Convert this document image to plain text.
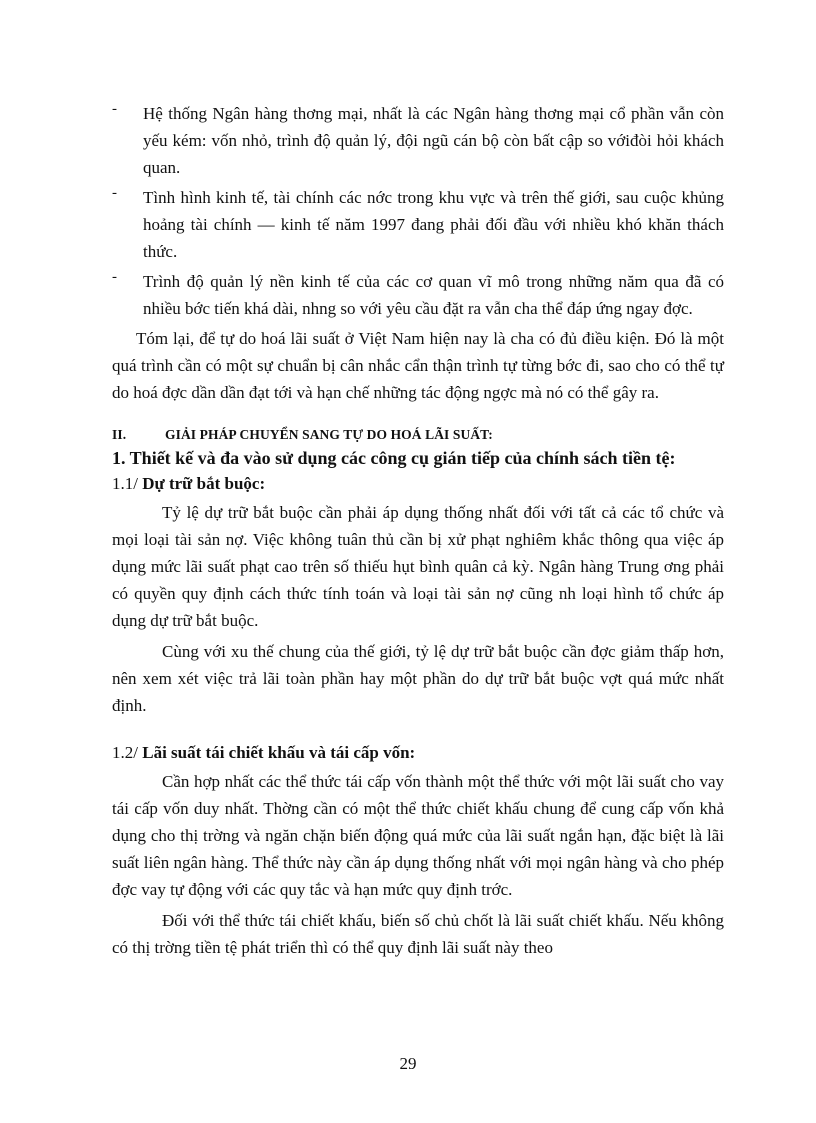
- Hệ thống Ngân hàng thơng mại, nhất là các Ngân hàng thơng mại cổ phần vẫn còn yếu kém: vốn nhỏ, trình độ quản lý, đội ngũ cán bộ còn bất cập so vớiđòi hỏi khách quan.
- Tình hình kinh tế, tài chính các nớc trong khu vực và trên thế giới, sau cuộc khủng hoảng tài chính — kinh tế năm 1997 đang phải đối đầu với nhiều khó khăn thách thức.
- Trình độ quản lý nền kinh tế của các cơ quan vĩ mô trong những năm qua đã có nhiều bớc tiến khá dài, nhng so với yêu cầu đặt ra vẫn cha thể đáp ứng ngay đợc.

Tóm lại, để tự do hoá lãi suất ở Việt Nam hiện nay là cha có đủ điều kiện. Đó là một quá trình cần có một sự chuẩn bị cân nhắc cẩn thận trình tự từng bớc đi, sao cho có thể tự do hoá đợc dần dần đạt tới và hạn chế những tác động ngợc mà nó có thể gây ra.

II.	GIẢI PHÁP CHUYỂN SANG TỰ DO HOÁ LÃI SUẤT:
1. Thiết kế và đa vào sử dụng các công cụ gián tiếp của chính sách tiền tệ:
1.1/ Dự trữ bắt buộc:

Tỷ lệ dự trữ bắt buộc cần phải áp dụng thống nhất đối với tất cả các tổ chức và mọi loại tài sản nợ. Việc không tuân thủ cần bị xử phạt nghiêm khắc thông qua việc áp dụng mức lãi suất phạt cao trên số thiếu hụt bình quân cả kỳ. Ngân hàng Trung ơng phải có quyền quy định cách thức tính toán và loại tài sản nợ cũng nh loại hình tổ chức áp dụng dự trữ bắt buộc.

Cùng với xu thế chung của thế giới, tỷ lệ dự trữ bắt buộc cần đợc giảm thấp hơn, nên xem xét việc trả lãi toàn phần hay một phần do dự trữ bắt buộc vợt quá mức nhất định.

1.2/ Lãi suất tái chiết khấu và tái cấp vốn:

Cần hợp nhất các thể thức tái cấp vốn thành một thể thức với một lãi suất cho vay tái cấp vốn duy nhất. Thờng cần có một thể thức chiết khấu chung để cung cấp vốn khả dụng cho thị trờng và ngăn chặn biến động quá mức của lãi suất ngắn hạn, đặc biệt là lãi suất liên ngân hàng. Thể thức này cần áp dụng thống nhất với mọi ngân hàng và cho phép đợc vay tự động với các quy tắc và hạn mức quy định trớc.

Đối với thể thức tái chiết khấu, biến số chủ chốt là lãi suất chiết khấu. Nếu không có thị trờng tiền tệ phát triển thì có thể quy định lãi suất này theo

29
